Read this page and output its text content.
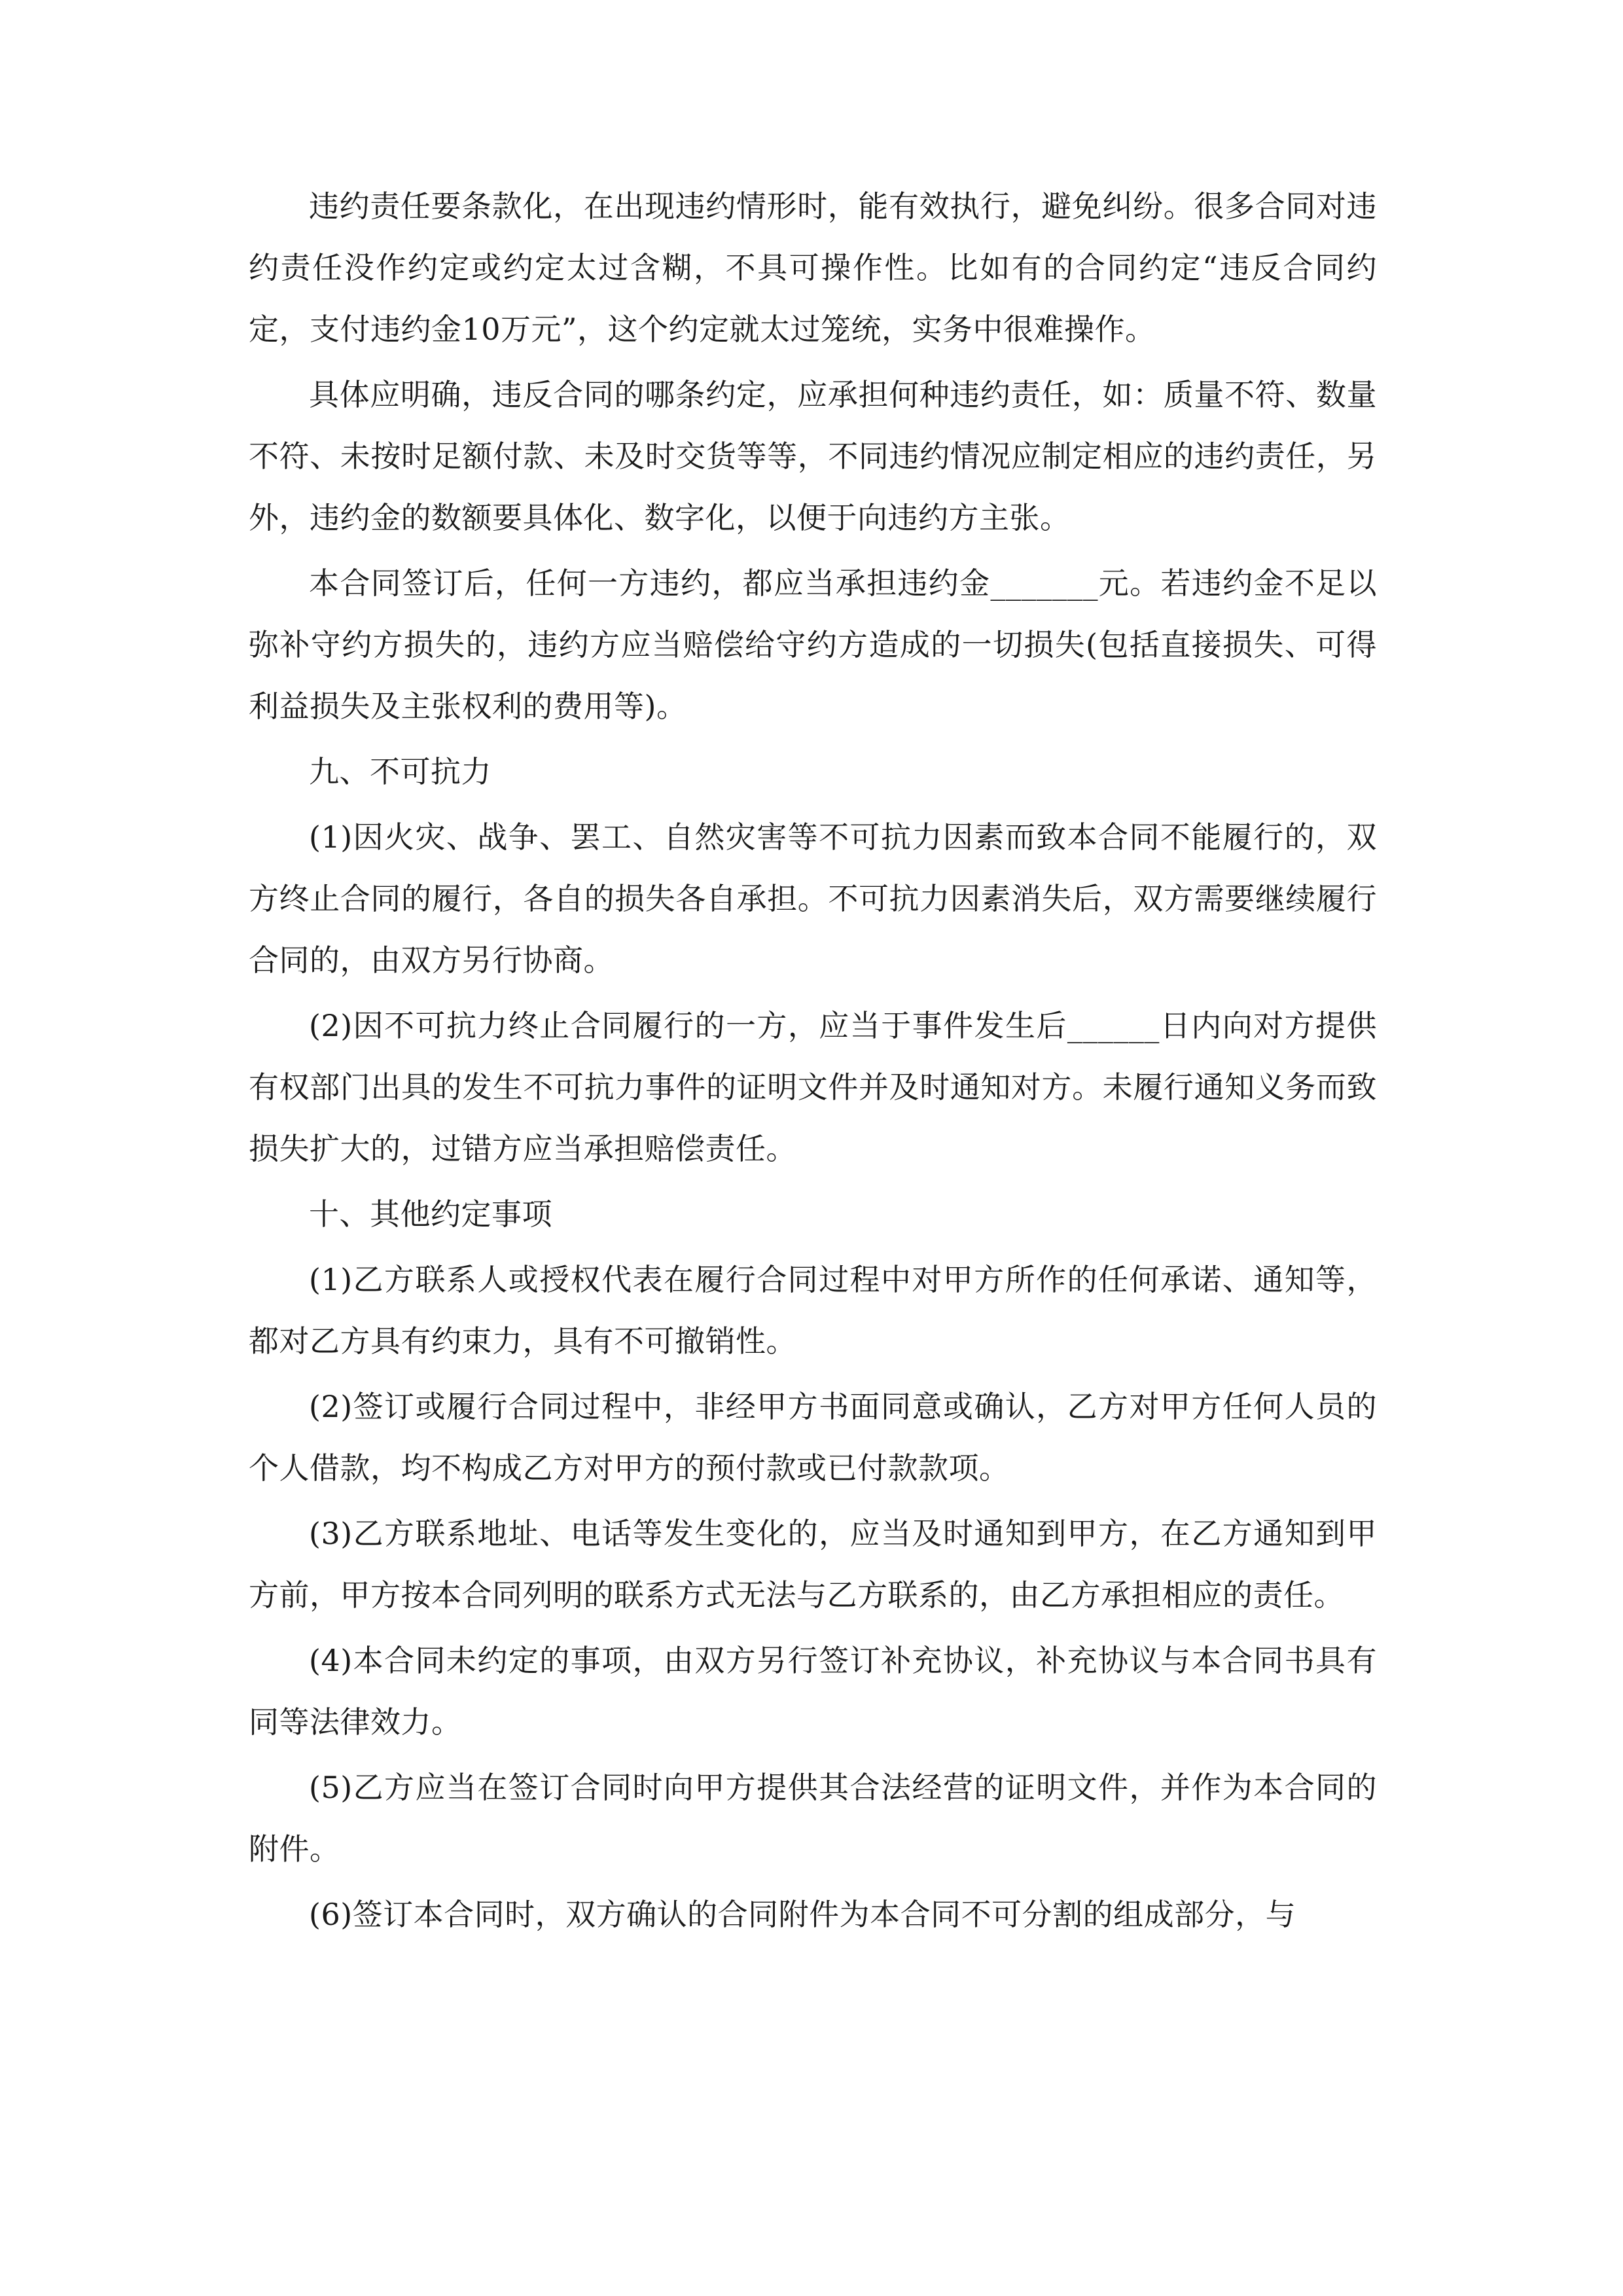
违约责任要条款化，在出现违约情形时，能有效执行，避免纠纷。很多合同对违约责任没作约定或约定太过含糊，不具可操作性。比如有的合同约定“违反合同约定，支付违约金10万元”，这个约定就太过笼统，实务中很难操作。

具体应明确，违反合同的哪条约定，应承担何种违约责任，如：质量不符、数量不符、未按时足额付款、未及时交货等等，不同违约情况应制定相应的违约责任，另外，违约金的数额要具体化、数字化，以便于向违约方主张。

本合同签订后，任何一方违约，都应当承担违约金_______元。若违约金不足以弥补守约方损失的，违约方应当赔偿给守约方造成的一切损失(包括直接损失、可得利益损失及主张权利的费用等)。

九、不可抗力

(1)因火灾、战争、罢工、自然灾害等不可抗力因素而致本合同不能履行的，双方终止合同的履行，各自的损失各自承担。不可抗力因素消失后，双方需要继续履行合同的，由双方另行协商。

(2)因不可抗力终止合同履行的一方，应当于事件发生后______日内向对方提供有权部门出具的发生不可抗力事件的证明文件并及时通知对方。未履行通知义务而致损失扩大的，过错方应当承担赔偿责任。

十、其他约定事项

(1)乙方联系人或授权代表在履行合同过程中对甲方所作的任何承诺、通知等，都对乙方具有约束力，具有不可撤销性。

(2)签订或履行合同过程中，非经甲方书面同意或确认，乙方对甲方任何人员的个人借款，均不构成乙方对甲方的预付款或已付款款项。

(3)乙方联系地址、电话等发生变化的，应当及时通知到甲方，在乙方通知到甲方前，甲方按本合同列明的联系方式无法与乙方联系的，由乙方承担相应的责任。

(4)本合同未约定的事项，由双方另行签订补充协议，补充协议与本合同书具有同等法律效力。

(5)乙方应当在签订合同时向甲方提供其合法经营的证明文件，并作为本合同的附件。

(6)签订本合同时，双方确认的合同附件为本合同不可分割的组成部分，与
